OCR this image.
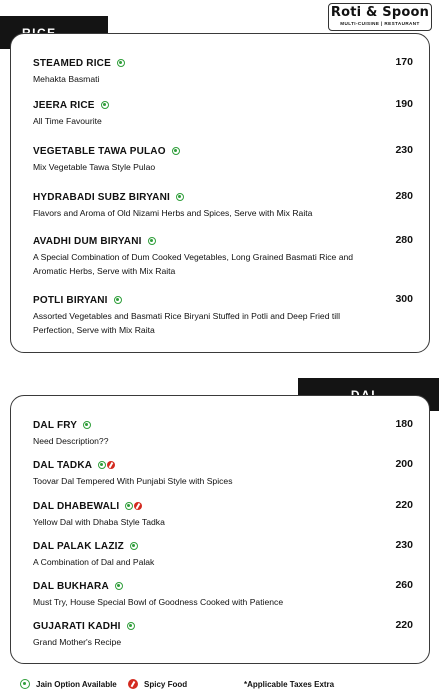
Roti & Spoon
MULTI-CUISINE | RESTAURANT
STEAMED RICE	170
Mehakta Basmati
JEERA RICE	190
All Time Favourite
VEGETABLE TAWA PULAO	230
Mix Vegetable Tawa Style Pulao
HYDRABADI SUBZ BIRYANI	280
Flavors and Aroma of Old Nizami Herbs and Spices, Serve with Mix Raita
AVADHI DUM BIRYANI	280
A Special Combination of Dum Cooked Vegetables, Long Grained Basmati Rice and Aromatic Herbs, Serve with Mix Raita
POTLI BIRYANI	300
Assorted Vegetables and Basmati Rice Biryani Stuffed in Potli and Deep Fried till Perfection, Serve with Mix Raita
DAL FRY	180
Need Description??
DAL TADKA	200
Toovar Dal Tempered With Punjabi Style with Spices
DAL DHABEWALI	220
Yellow Dal with Dhaba Style Tadka
DAL PALAK LAZIZ	230
A Combination of Dal and Palak
DAL BUKHARA	260
Must Try, House Special Bowl of Goodness Cooked with Patience
GUJARATI KADHI	220
Grand Mother's Recipe
Jain Option Available	Spicy Food	*Applicable Taxes Extra
